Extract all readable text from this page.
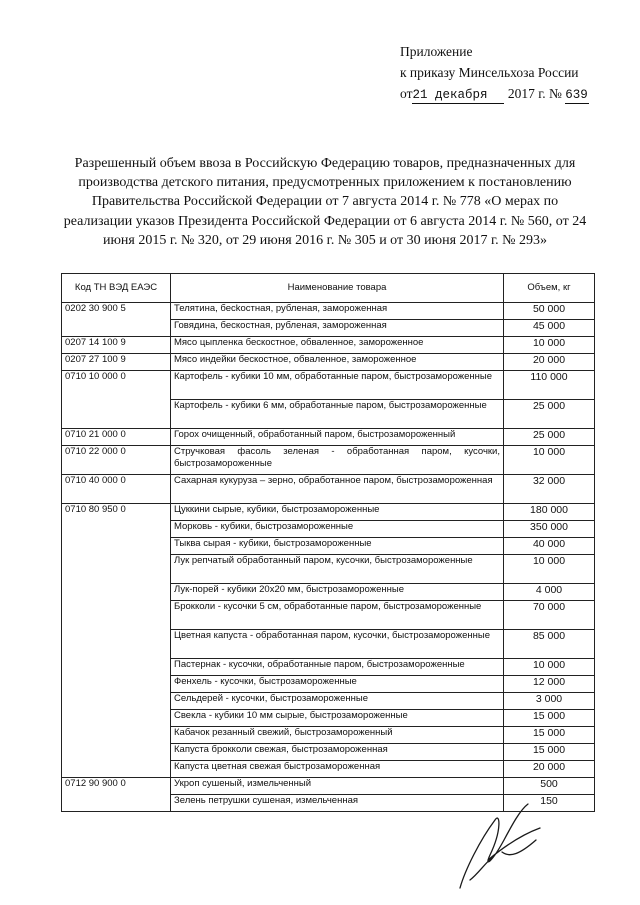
Приложение
к приказу Минсельхоза России
от21 декабря 2017 г. № 639
Разрешенный объем ввоза в Российскую Федерацию товаров, предназначенных для производства детского питания, предусмотренных приложением к постановлению Правительства Российской Федерации от 7 августа 2014 г. № 778 «О мерах по реализации указов Президента Российской Федерации от 6 августа 2014 г. № 560, от 24 июня 2015 г. № 320, от 29 июня 2016 г. № 305 и от 30 июня 2017 г. № 293»
Код ТН ВЭД ЕАЭС	Наименование товара	Объем, кг
0202 30 900 5	Телятина, бесkостная, рубленая, замороженная	50 000
	Говядина, бескостная, рубленая, замороженная	45 000
0207 14 100 9	Мясо цыпленка бескостное, обваленное, замороженное	10 000
0207 27 100 9	Мясо индейки бескостное, обваленное, замороженное	20 000
0710 10 000 0	Картофель - кубики 10 мм, обработанные паром, быстрозамороженные	110 000
	Картофель - кубики 6 мм, обработанные паром, быстрозамороженные	25 000
0710 21 000 0	Горох очищенный, обработанный паром, быстрозамороженный	25 000
0710 22 000 0	Стручковая фасоль зеленая - обработанная паром, кусочки, быстрозамороженные	10 000
0710 40 000 0	Сахарная кукуруза – зерно, обработанное паром, быстрозамороженная	32 000
0710 80 950 0	Цуккини сырые, кубики, быстрозамороженные	180 000
	Морковь - кубики, быстрозамороженные	350 000
	Тыква сырая - кубики, быстрозамороженные	40 000
	Лук репчатый обработанный паром, кусочки, быстрозамороженные	10 000
	Лук-порей - кубики 20х20 мм, быстрозамороженные	4 000
	Брокколи - кусочки 5 см, обработанные паром, быстрозамороженные	70 000
	Цветная капуста - обработанная паром, кусочки, быстрозамороженные	85 000
	Пастернак - кусочки, обработанные паром, быстрозамороженные	10 000
	Фенхель - кусочки, быстрозамороженные	12 000
	Сельдерей - кусочки, быстрозамороженные	3 000
	Свекла - кубики 10 мм сырые, быстрозамороженные	15 000
	Кабачок резанный свежий, быстрозамороженный	15 000
	Капуста брокколи свежая, быстрозамороженная	15 000
	Капуста цветная свежая быстрозамороженная	20 000
0712 90 900 0	Укроп сушеный, измельченный	500
	Зелень петрушки сушеная, измельченная	150
